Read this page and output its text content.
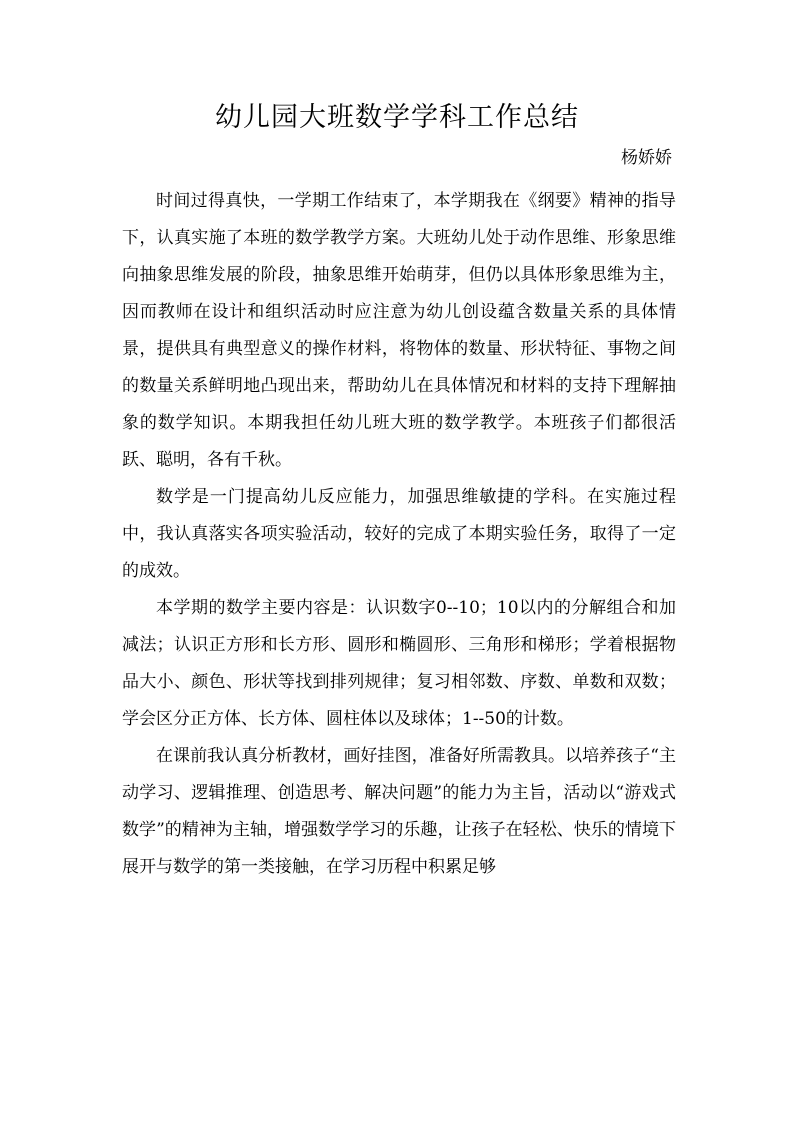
幼儿园大班数学学科工作总结
杨娇娇

时间过得真快，一学期工作结束了，本学期我在《纲要》精神的指导下，认真实施了本班的数学教学方案。大班幼儿处于动作思维、形象思维向抽象思维发展的阶段，抽象思维开始萌芽，但仍以具体形象思维为主，因而教师在设计和组织活动时应注意为幼儿创设蕴含数量关系的具体情景，提供具有典型意义的操作材料，将物体的数量、形状特征、事物之间的数量关系鲜明地凸现出来，帮助幼儿在具体情况和材料的支持下理解抽象的数学知识。本期我担任幼儿班大班的数学教学。本班孩子们都很活跃、聪明，各有千秋。

数学是一门提高幼儿反应能力，加强思维敏捷的学科。在实施过程中，我认真落实各项实验活动，较好的完成了本期实验任务，取得了一定的成效。

本学期的数学主要内容是：认识数字0--10；10以内的分解组合和加减法；认识正方形和长方形、圆形和椭圆形、三角形和梯形；学着根据物品大小、颜色、形状等找到排列规律；复习相邻数、序数、单数和双数；学会区分正方体、长方体、圆柱体以及球体；1--50的计数。

在课前我认真分析教材，画好挂图，准备好所需教具。以培养孩子“主动学习、逻辑推理、创造思考、解决问题”的能力为主旨，活动以“游戏式数学”的精神为主轴，增强数学学习的乐趣，让孩子在轻松、快乐的情境下展开与数学的第一类接触，在学习历程中积累足够
